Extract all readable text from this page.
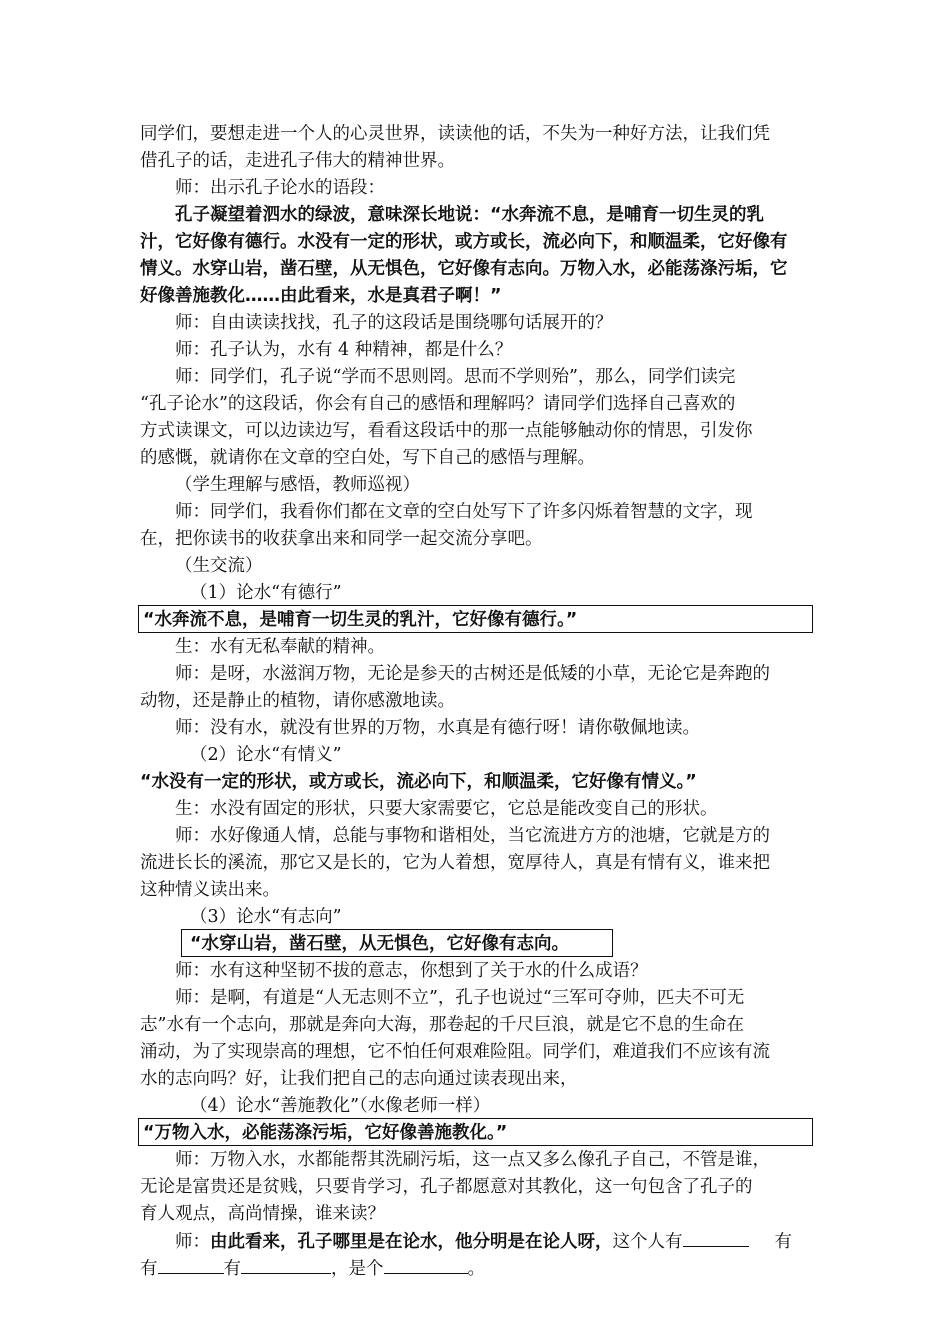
同学们，要想走进一个人的心灵世界，读读他的话，不失为一种好方法，让我们凭
借孔子的话，走进孔子伟大的精神世界。
师：出示孔子论水的语段：
孔子凝望着泗水的绿波，意味深长地说：“水奔流不息，是哺育一切生灵的乳
汁，它好像有德行。水没有一定的形状，或方或长，流必向下，和顺温柔，它好像有
情义。水穿山岩，凿石壁，从无惧色，它好像有志向。万物入水，必能荡涤污垢，它
好像善施教化……由此看来，水是真君子啊！”
师：自由读读找找，孔子的这段话是围绕哪句话展开的？
师：孔子认为，水有 4 种精神，都是什么？
师：同学们，孔子说“学而不思则罔。思而不学则殆”，那么，同学们读完
“孔子论水”的这段话，你会有自己的感悟和理解吗？请同学们选择自己喜欢的
方式读课文，可以边读边写，看看这段话中的那一点能够触动你的情思，引发你
的感慨，就请你在文章的空白处，写下自己的感悟与理解。
（学生理解与感悟，教师巡视）
师：同学们，我看你们都在文章的空白处写下了许多闪烁着智慧的文字，现
在，把你读书的收获拿出来和同学一起交流分享吧。
（生交流）
（1）论水“有德行”
“水奔流不息，是哺育一切生灵的乳汁，它好像有德行。”
生：水有无私奉献的精神。
师：是呀，水滋润万物，无论是参天的古树还是低矮的小草，无论它是奔跑的
动物，还是静止的植物，请你感激地读。
师：没有水，就没有世界的万物，水真是有德行呀！请你敬佩地读。
（2）论水“有情义”
“水没有一定的形状，或方或长，流必向下，和顺温柔，它好像有情义。”
生：水没有固定的形状，只要大家需要它，它总是能改变自己的形状。
师：水好像通人情，总能与事物和谐相处，当它流进方方的池塘，它就是方的
流进长长的溪流，那它又是长的，它为人着想，宽厚待人，真是有情有义，谁来把
这种情义读出来。
（3）论水“有志向”
“水穿山岩，凿石壁，从无惧色，它好像有志向。
师：水有这种坚韧不拔的意志，你想到了关于水的什么成语？
师：是啊，有道是“人无志则不立”，孔子也说过“三军可夺帅，匹夫不可无
志”水有一个志向，那就是奔向大海，那卷起的千尺巨浪，就是它不息的生命在
涌动，为了实现崇高的理想，它不怕任何艰难险阻。同学们，难道我们不应该有流
水的志向吗？好，让我们把自己的志向通过读表现出来，
（4）论水“善施教化”（水像老师一样）
“万物入水，必能荡涤污垢，它好像善施教化。”
师：万物入水，水都能帮其洗刷污垢，这一点又多么像孔子自己，不管是谁，
无论是富贵还是贫贱，只要肯学习，孔子都愿意对其教化，这一句包含了孔子的
育人观点，高尚情操，谁来读？
师：由此看来，孔子哪里是在论水，他分明是在论人呀，这个人有	有
有	有	，是个	。
